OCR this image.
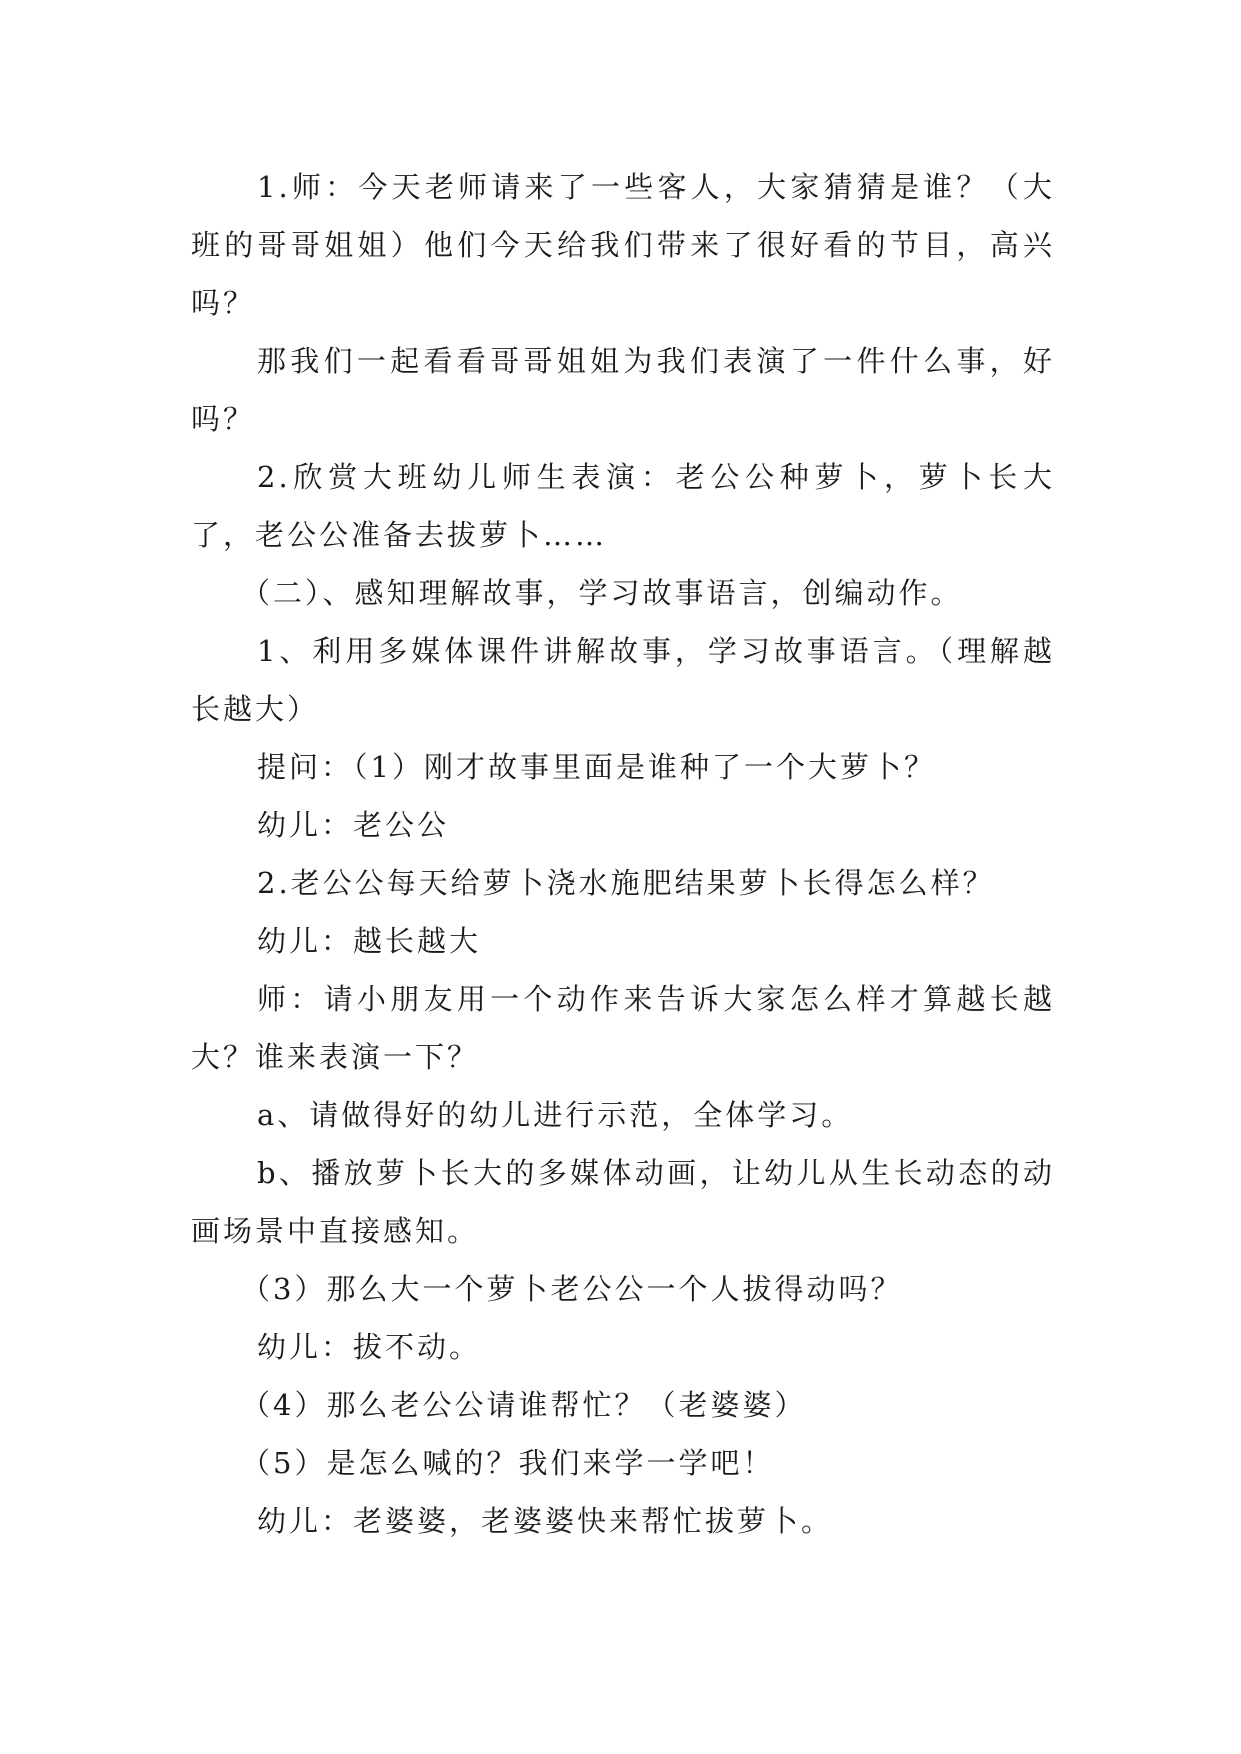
1.师：今天老师请来了一些客人，大家猜猜是谁？（大班的哥哥姐姐）他们今天给我们带来了很好看的节目，高兴吗？

那我们一起看看哥哥姐姐为我们表演了一件什么事，好吗？

2.欣赏大班幼儿师生表演：老公公种萝卜，萝卜长大了，老公公准备去拔萝卜……

（二）、感知理解故事，学习故事语言，创编动作。

1、利用多媒体课件讲解故事，学习故事语言。（理解越长越大）

提问：（1）刚才故事里面是谁种了一个大萝卜？

幼儿：老公公

2.老公公每天给萝卜浇水施肥结果萝卜长得怎么样？

幼儿：越长越大

师：请小朋友用一个动作来告诉大家怎么样才算越长越大？谁来表演一下？

a、请做得好的幼儿进行示范，全体学习。

b、播放萝卜长大的多媒体动画，让幼儿从生长动态的动画场景中直接感知。

（3）那么大一个萝卜老公公一个人拔得动吗？

幼儿：拔不动。

（4）那么老公公请谁帮忙？（老婆婆）

（5）是怎么喊的？我们来学一学吧！

幼儿：老婆婆，老婆婆快来帮忙拔萝卜。
